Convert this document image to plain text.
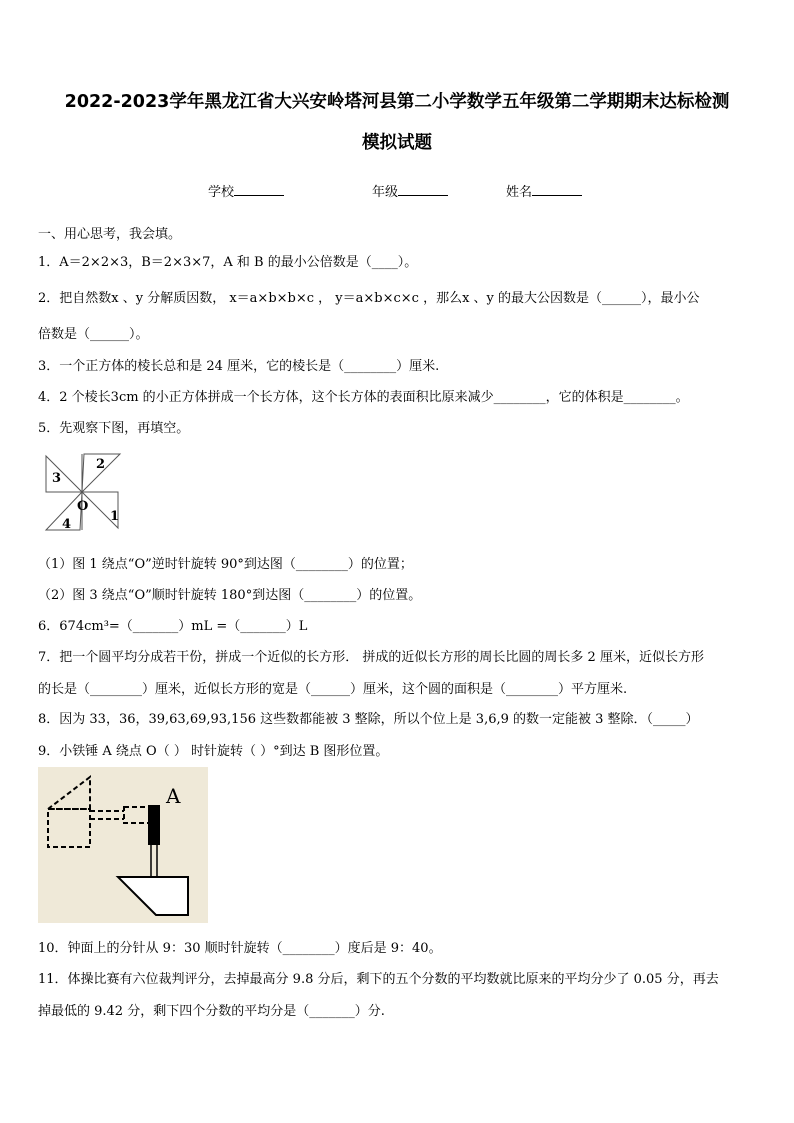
2022-2023学年黑龙江省大兴安岭塔河县第二小学数学五年级第二学期期末达标检测
模拟试题
学校	年级	姓名
一、用心思考，我会填。
1．A＝2×2×3，B＝2×3×7，A 和 B 的最小公倍数是（____）。
2．把自然数x 、y 分解质因数， x＝a×b×b×c ， y＝a×b×c×c ，那么x 、y 的最大公因数是（______），最小公
倍数是（______）。
3．一个正方体的棱长总和是 24 厘米，它的棱长是（________）厘米.
4．2 个棱长3cm 的小正方体拼成一个长方体，这个长方体的表面积比原来减少________，它的体积是________。
5．先观察下图，再填空。
3
2
O
4
1
（1）图 1 绕点“O”逆时针旋转 90°到达图（________）的位置；
（2）图 3 绕点“O”顺时针旋转 180°到达图（________）的位置。
6．674cm³=（_______）mL =（_______）L
7．把一个圆平均分成若干份，拼成一个近似的长方形． 拼成的近似长方形的周长比圆的周长多 2 厘米，近似长方形
的长是（________）厘米，近似长方形的宽是（______）厘米，这个圆的面积是（________）平方厘米.
8．因为 33，36，39,63,69,93,156 这些数都能被 3 整除，所以个位上是 3,6,9 的数一定能被 3 整除．（_____）
9．小铁锤 A 绕点 O（ ） 时针旋转（ ）°到达 B 图形位置。
A
10．钟面上的分针从 9：30 顺时针旋转（________）度后是 9：40。
11．体操比赛有六位裁判评分，去掉最高分 9.8 分后，剩下的五个分数的平均数就比原来的平均分少了 0.05 分，再去
掉最低的 9.42 分，剩下四个分数的平均分是（_______）分.
